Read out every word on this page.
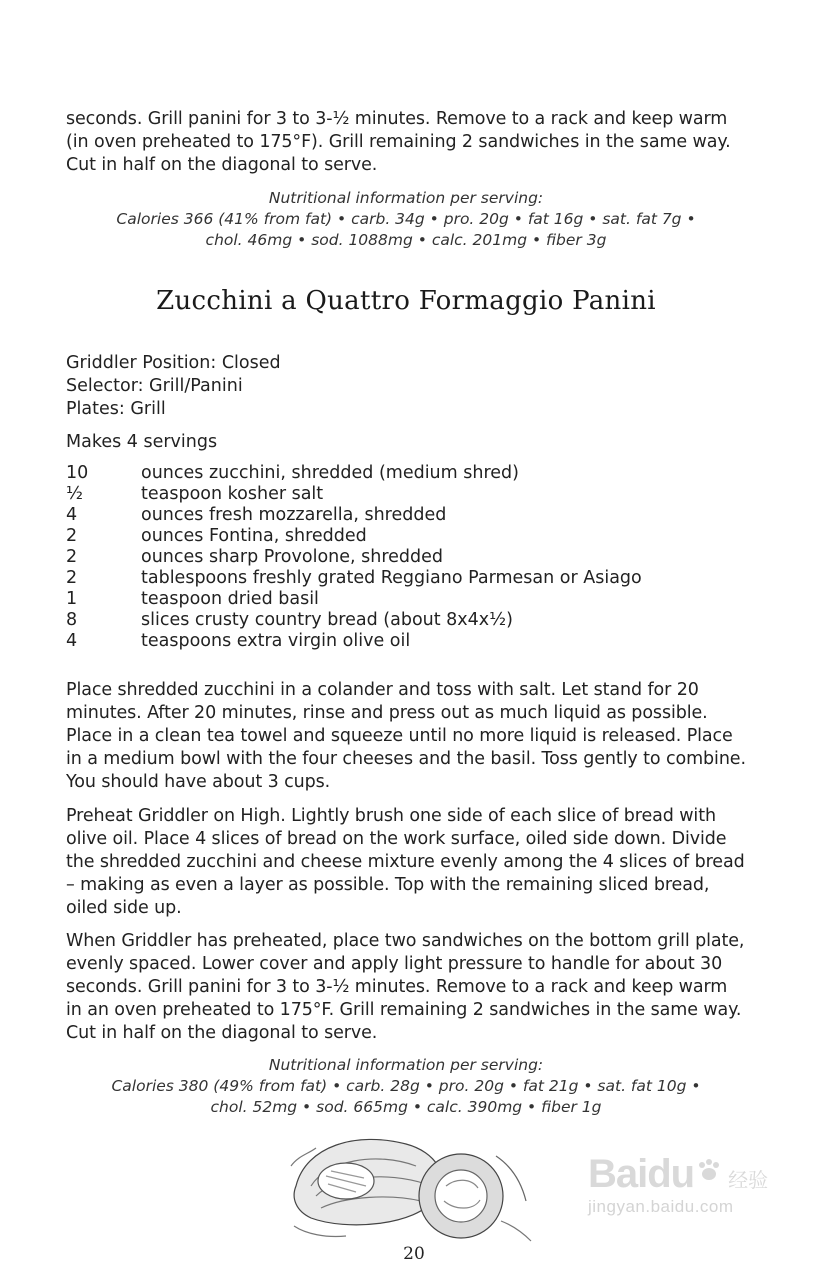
seconds. Grill panini for 3 to 3-½ minutes. Remove to a rack and keep warm (in oven preheated to 175°F). Grill remaining 2 sandwiches in the same way. Cut in half on the diagonal to serve.

Nutritional information per serving:
Calories 366 (41% from fat) • carb. 34g • pro. 20g • fat 16g • sat. fat 7g •
chol. 46mg • sod. 1088mg • calc. 201mg • fiber 3g
Zucchini a Quattro Formaggio Panini
Griddler Position: Closed
Selector: Grill/Panini
Plates: Grill
Makes 4 servings
10	ounces zucchini, shredded (medium shred)
½	teaspoon kosher salt
4	ounces fresh mozzarella, shredded
2	ounces Fontina, shredded
2	ounces sharp Provolone, shredded
2	tablespoons freshly grated Reggiano Parmesan or Asiago
1	teaspoon dried basil
8	slices crusty country bread (about 8x4x½)
4	teaspoons extra virgin olive oil

Place shredded zucchini in a colander and toss with salt. Let stand for 20 minutes. After 20 minutes, rinse and press out as much liquid as possible. Place in a clean tea towel and squeeze until no more liquid is released. Place in a medium bowl with the four cheeses and the basil. Toss gently to combine. You should have about 3 cups.

Preheat Griddler on High. Lightly brush one side of each slice of bread with olive oil. Place 4 slices of bread on the work surface, oiled side down. Divide the shredded zucchini and cheese mixture evenly among the 4 slices of bread – making as even a layer as possible. Top with the remaining sliced bread, oiled side up.

When Griddler has preheated, place two sandwiches on the bottom grill plate, evenly spaced. Lower cover and apply light pressure to handle for about 30 seconds. Grill panini for 3 to 3-½ minutes. Remove to a rack and keep warm in an oven preheated to 175°F. Grill remaining 2 sandwiches in the same way. Cut in half on the diagonal to serve.

Nutritional information per serving:
Calories 380 (49% from fat) • carb. 28g • pro. 20g • fat 21g • sat. fat 10g •
chol. 52mg • sod. 665mg • calc. 390mg • fiber 1g
20
Baidu 经验
jingyan.baidu.com
